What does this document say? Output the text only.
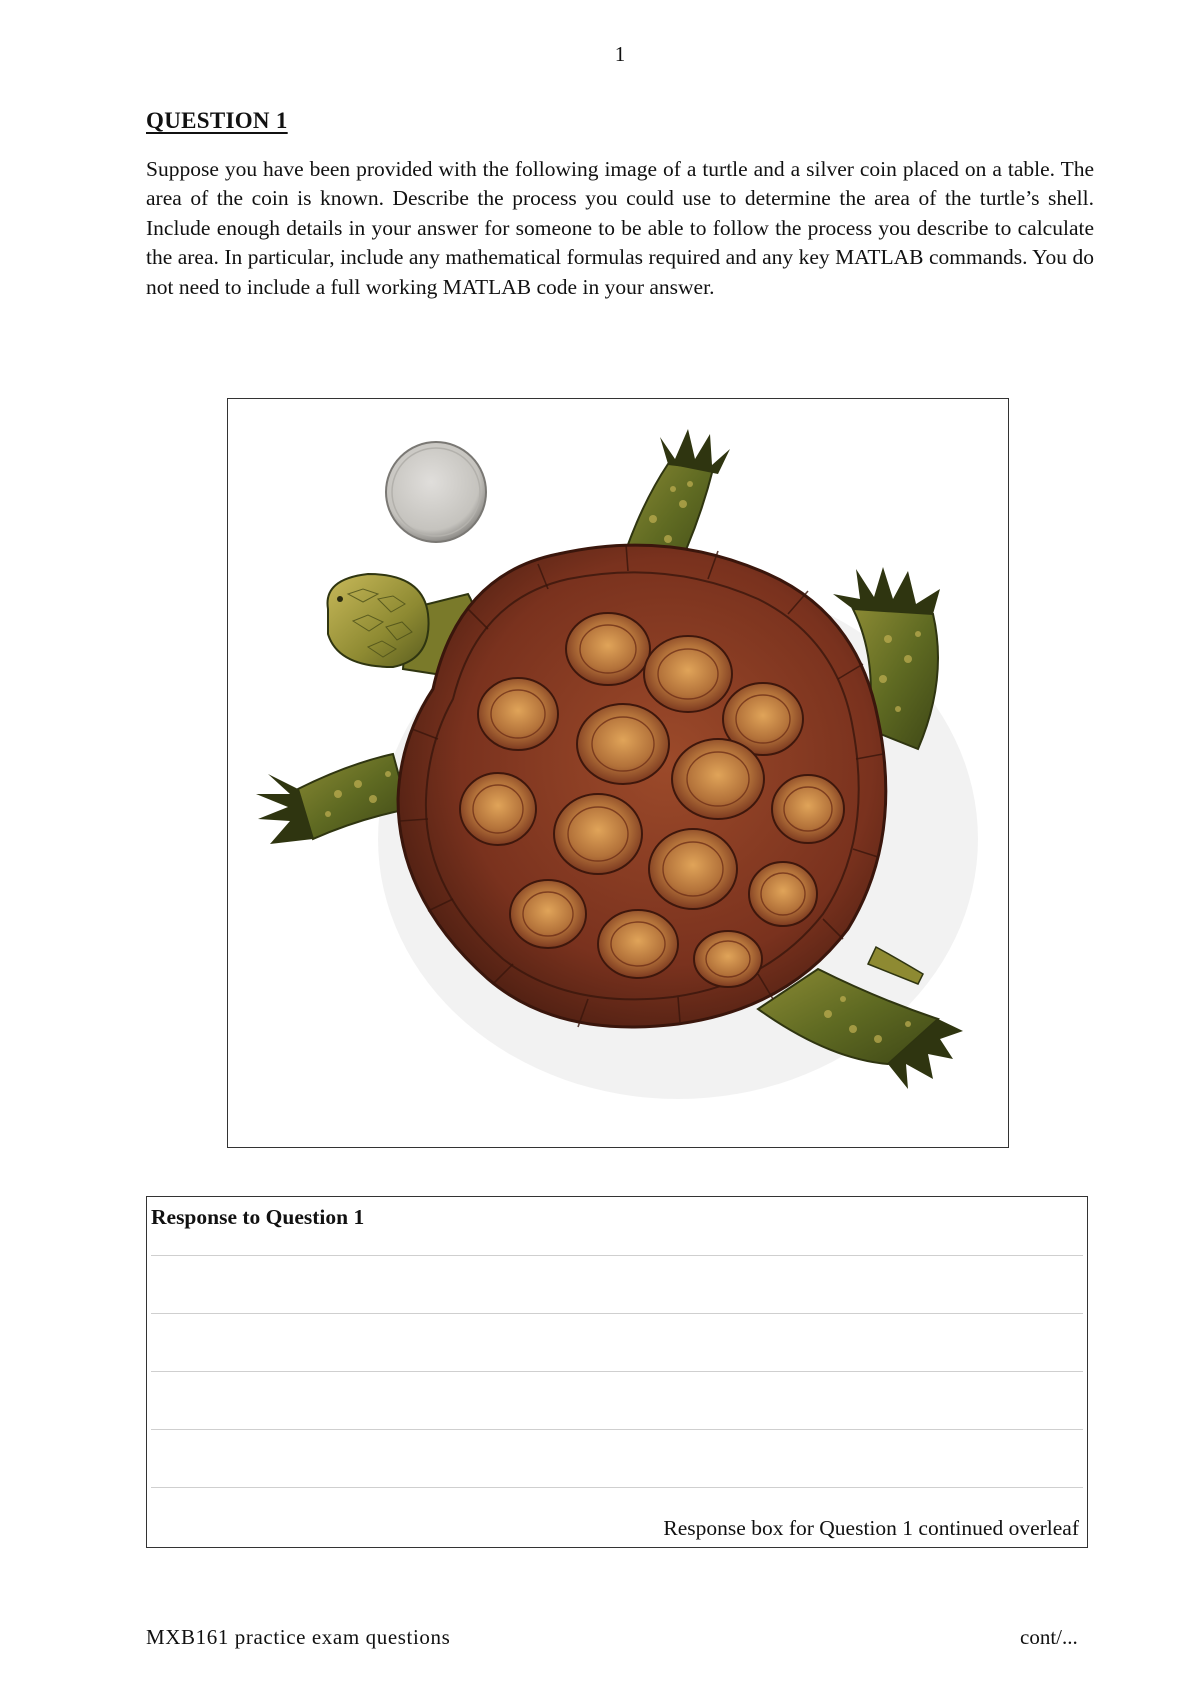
1
QUESTION 1
Suppose you have been provided with the following image of a turtle and a silver coin placed on a table. The area of the coin is known. Describe the process you could use to determine the area of the turtle’s shell. Include enough details in your answer for someone to be able to follow the process you describe to calculate the area. In particular, include any mathematical formulas required and any key MATLAB commands. You do not need to include a full working MATLAB code in your answer.
Response to Question 1
Response box for Question 1 continued overleaf
MXB161 practice exam questions	cont/...
